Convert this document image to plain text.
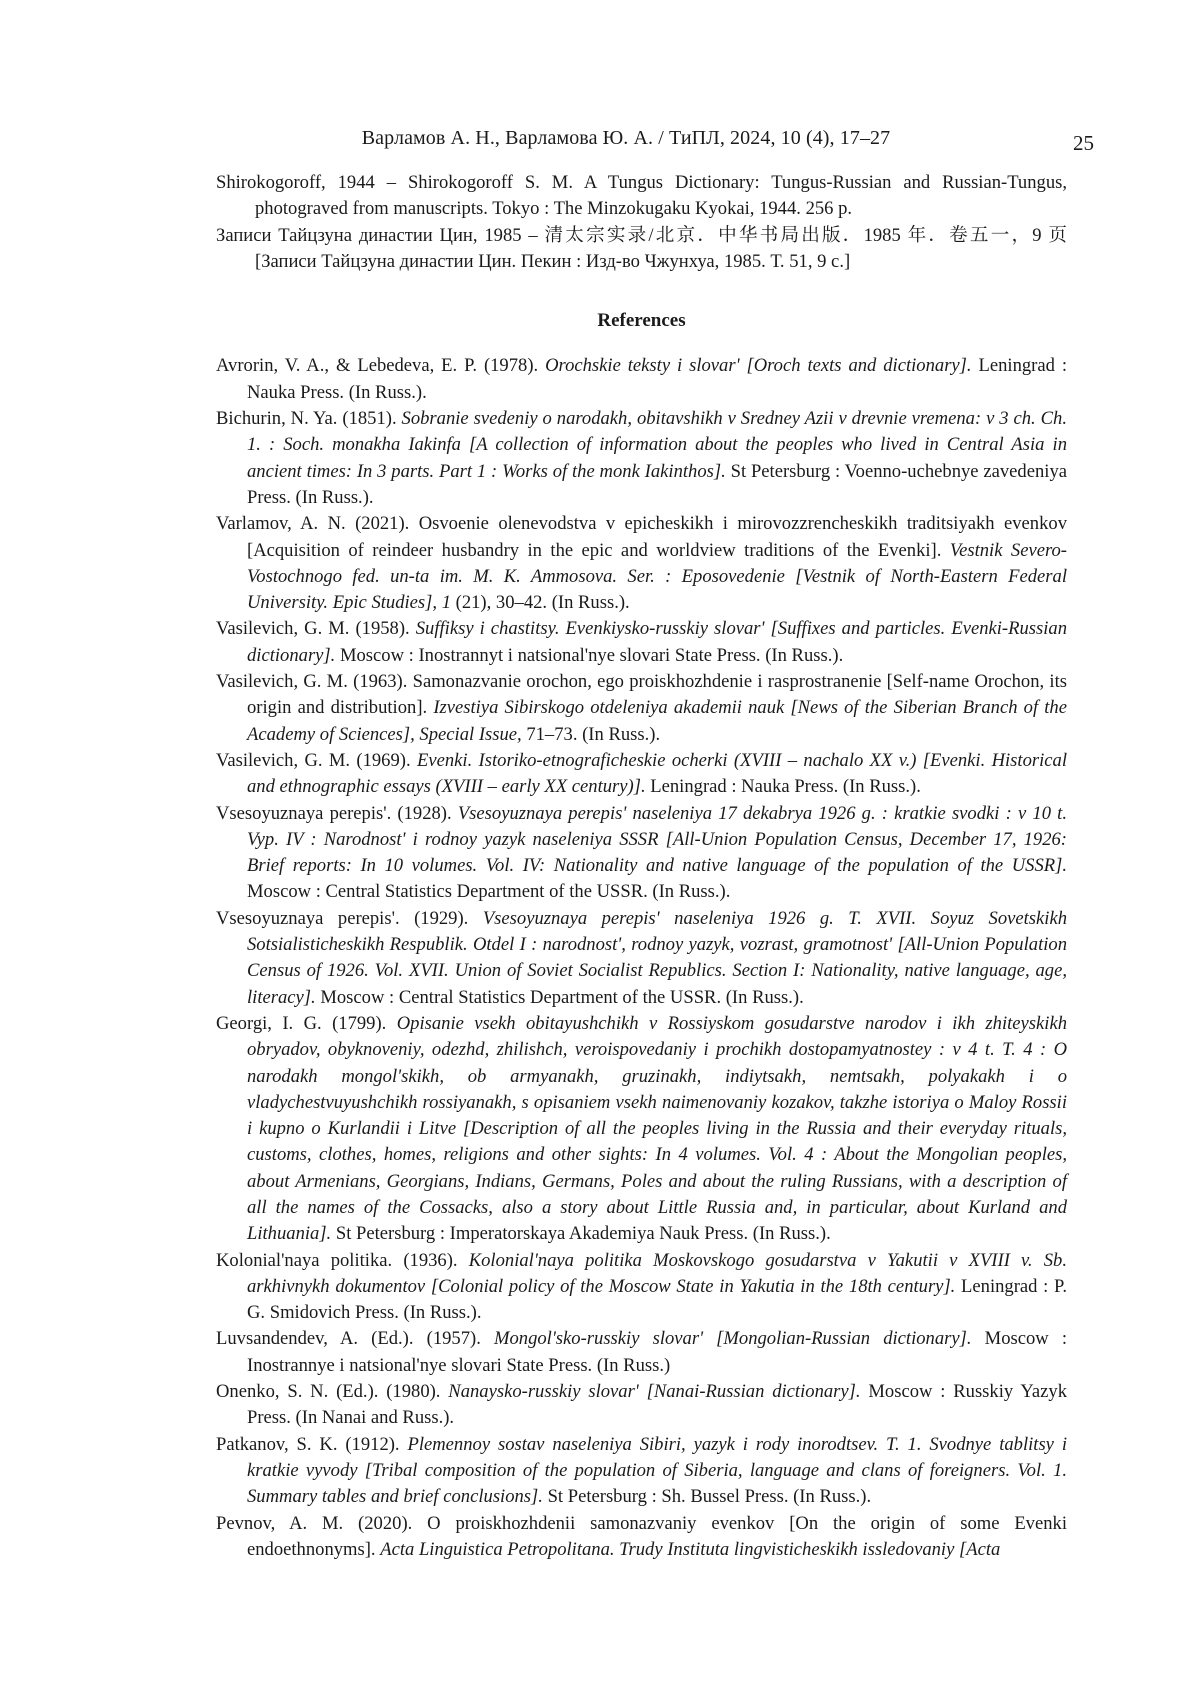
Варламов А. Н., Варламова Ю. А. / ТиПЛ, 2024, 10 (4), 17–27	25

Shirokogoroff, 1944 – Shirokogoroff S. M. A Tungus Dictionary: Tungus-Russian and Russian-Tungus, photograved from manuscripts. Tokyo : The Minzokugaku Kyokai, 1944. 256 p.

Записи Тайцзуна династии Цин, 1985 – 清太宗实录/北京．中华书局出版．1985 年．卷五一，9 页 [Записи Тайцзуна династии Цин. Пекин : Изд-во Чжунхуа, 1985. Т. 51, 9 с.]

References

Avrorin, V. A., & Lebedeva, E. P. (1978). Orochskie teksty i slovar' [Oroch texts and dictionary]. Leningrad : Nauka Press. (In Russ.).

Bichurin, N. Ya. (1851). Sobranie svedeniy o narodakh, obitavshikh v Sredney Azii v drevnie vremena: v 3 ch. Ch. 1. : Soch. monakha Iakinfa [A collection of information about the peoples who lived in Central Asia in ancient times: In 3 parts. Part 1 : Works of the monk Iakinthos]. St Petersburg : Voenno-uchebnye zavedeniya Press. (In Russ.).

Varlamov, A. N. (2021). Osvoenie olenevodstva v epicheskikh i mirovozzrencheskikh traditsiyakh evenkov [Acquisition of reindeer husbandry in the epic and worldview traditions of the Evenki]. Vestnik Severo-Vostochnogo fed. un-ta im. M. K. Ammosova. Ser. : Eposovedenie [Vestnik of North-Eastern Federal University. Epic Studies], 1 (21), 30–42. (In Russ.).

Vasilevich, G. M. (1958). Suffiksy i chastitsy. Evenkiysko-russkiy slovar' [Suffixes and particles. Evenki-Russian dictionary]. Moscow : Inostrannyt i natsional'nye slovari State Press. (In Russ.).

Vasilevich, G. M. (1963). Samonazvanie orochon, ego proiskhozhdenie i rasprostranenie [Self-name Orochon, its origin and distribution]. Izvestiya Sibirskogo otdeleniya akademii nauk [News of the Siberian Branch of the Academy of Sciences], Special Issue, 71–73. (In Russ.).

Vasilevich, G. M. (1969). Evenki. Istoriko-etnograficheskie ocherki (XVIII – nachalo XX v.) [Evenki. Historical and ethnographic essays (XVIII – early XX century)]. Leningrad : Nauka Press. (In Russ.).

Vsesoyuznaya perepis'. (1928). Vsesoyuznaya perepis' naseleniya 17 dekabrya 1926 g. : kratkie svodki : v 10 t. Vyp. IV : Narodnost' i rodnoy yazyk naseleniya SSSR [All-Union Population Census, December 17, 1926: Brief reports: In 10 volumes. Vol. IV: Nationality and native language of the population of the USSR]. Moscow : Central Statistics Department of the USSR. (In Russ.).

Vsesoyuznaya perepis'. (1929). Vsesoyuznaya perepis' naseleniya 1926 g. T. XVII. Soyuz Sovetskikh Sotsialisticheskikh Respublik. Otdel I : narodnost', rodnoy yazyk, vozrast, gramotnost' [All-Union Population Census of 1926. Vol. XVII. Union of Soviet Socialist Republics. Section I: Nationality, native language, age, literacy]. Moscow : Central Statistics Department of the USSR. (In Russ.).

Georgi, I. G. (1799). Opisanie vsekh obitayushchikh v Rossiyskom gosudarstve narodov i ikh zhiteyskikh obryadov, obyknoveniy, odezhd, zhilishch, veroispovedaniy i prochikh dostopamyatnostey : v 4 t. T. 4 : O narodakh mongol'skikh, ob armyanakh, gruzinakh, indiytsakh, nemtsakh, polyakakh i o vladychestvuyushchikh rossiyanakh, s opisaniem vsekh naimenovaniy kozakov, takzhe istoriya o Maloy Rossii i kupno o Kurlandii i Litve [Description of all the peoples living in the Russia and their everyday rituals, customs, clothes, homes, religions and other sights: In 4 volumes. Vol. 4 : About the Mongolian peoples, about Armenians, Georgians, Indians, Germans, Poles and about the ruling Russians, with a description of all the names of the Cossacks, also a story about Little Russia and, in particular, about Kurland and Lithuania]. St Petersburg : Imperatorskaya Akademiya Nauk Press. (In Russ.).

Kolonial'naya politika. (1936). Kolonial'naya politika Moskovskogo gosudarstva v Yakutii v XVIII v. Sb. arkhivnykh dokumentov [Colonial policy of the Moscow State in Yakutia in the 18th century]. Leningrad : P. G. Smidovich Press. (In Russ.).

Luvsandendev, A. (Ed.). (1957). Mongol'sko-russkiy slovar' [Mongolian-Russian dictionary]. Moscow : Inostrannye i natsional'nye slovari State Press. (In Russ.)

Onenko, S. N. (Ed.). (1980). Nanaysko-russkiy slovar' [Nanai-Russian dictionary]. Moscow : Russkiy Yazyk Press. (In Nanai and Russ.).

Patkanov, S. K. (1912). Plemennoy sostav naseleniya Sibiri, yazyk i rody inorodtsev. T. 1. Svodnye tablitsy i kratkie vyvody [Tribal composition of the population of Siberia, language and clans of foreigners. Vol. 1. Summary tables and brief conclusions]. St Petersburg : Sh. Bussel Press. (In Russ.).

Pevnov, A. M. (2020). O proiskhozhdenii samonazvaniy evenkov [On the origin of some Evenki endoethnonyms]. Acta Linguistica Petropolitana. Trudy Instituta lingvisticheskikh issledovaniy [Acta
